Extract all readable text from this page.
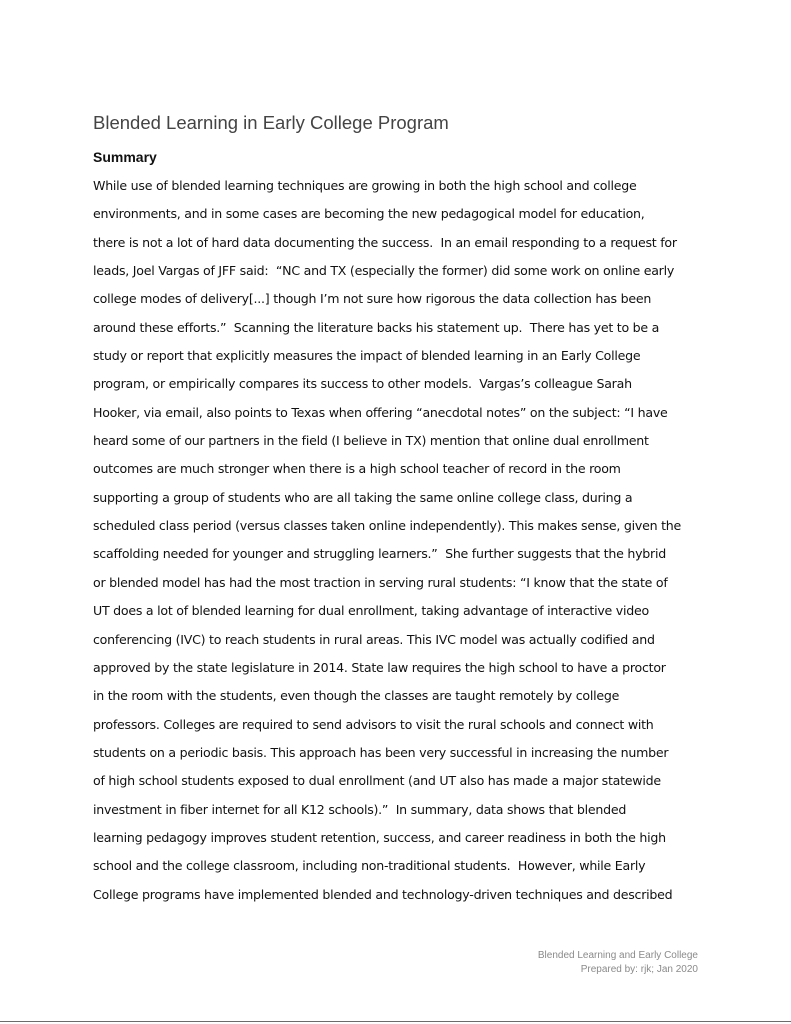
Blended Learning in Early College Program
Summary
While use of blended learning techniques are growing in both the high school and college
environments, and in some cases are becoming the new pedagogical model for education,
there is not a lot of hard data documenting the success.  In an email responding to a request for
leads, Joel Vargas of JFF said:  “NC and TX (especially the former) did some work on online early
college modes of delivery[...] though I’m not sure how rigorous the data collection has been
around these efforts.”  Scanning the literature backs his statement up.  There has yet to be a
study or report that explicitly measures the impact of blended learning in an Early College
program, or empirically compares its success to other models.  Vargas’s colleague Sarah
Hooker, via email, also points to Texas when offering “anecdotal notes” on the subject: “I have
heard some of our partners in the field (I believe in TX) mention that online dual enrollment
outcomes are much stronger when there is a high school teacher of record in the room
supporting a group of students who are all taking the same online college class, during a
scheduled class period (versus classes taken online independently). This makes sense, given the
scaffolding needed for younger and struggling learners.”  She further suggests that the hybrid
or blended model has had the most traction in serving rural students: “I know that the state of
UT does a lot of blended learning for dual enrollment, taking advantage of interactive video
conferencing (IVC) to reach students in rural areas. This IVC model was actually codified and
approved by the state legislature in 2014. State law requires the high school to have a proctor
in the room with the students, even though the classes are taught remotely by college
professors. Colleges are required to send advisors to visit the rural schools and connect with
students on a periodic basis. This approach has been very successful in increasing the number
of high school students exposed to dual enrollment (and UT also has made a major statewide
investment in fiber internet for all K12 schools).”  In summary, data shows that blended
learning pedagogy improves student retention, success, and career readiness in both the high
school and the college classroom, including non-traditional students.  However, while Early
College programs have implemented blended and technology-driven techniques and described
Blended Learning and Early College
Prepared by: rjk; Jan 2020
